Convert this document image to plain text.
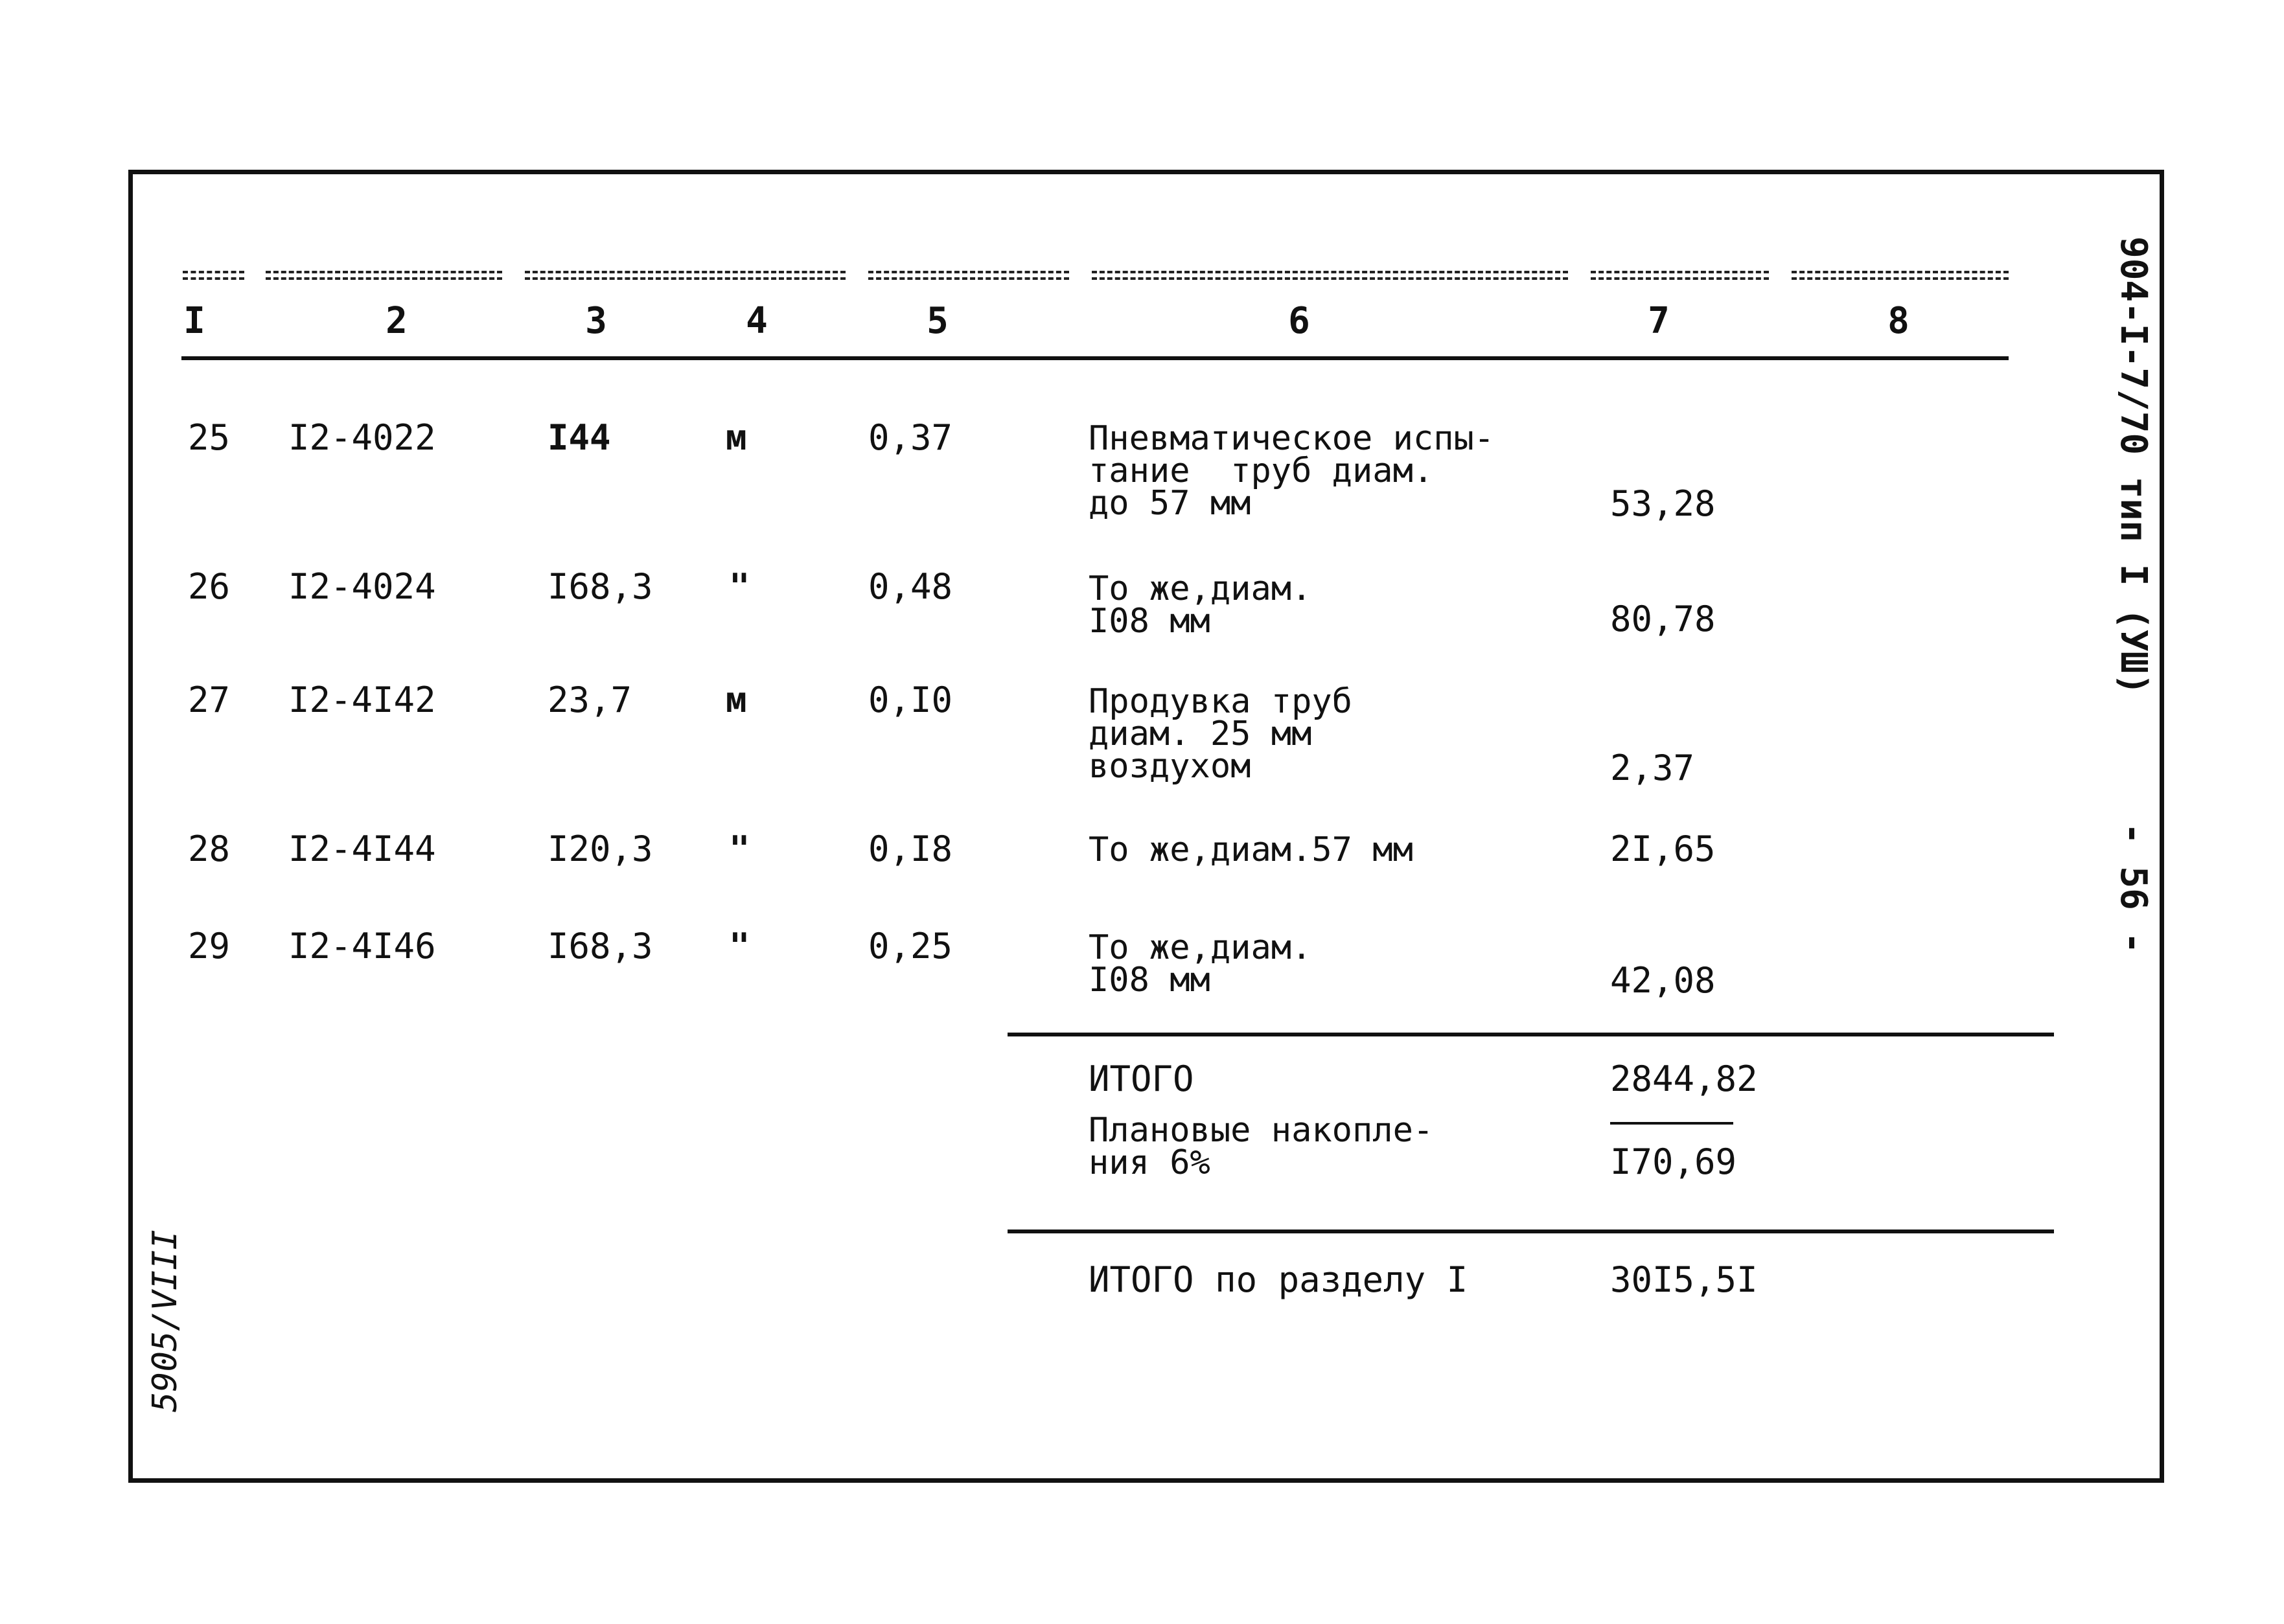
I	2	3	4	5	6	7	8
25 I2-4022	I44	м	0,37	Пневматическое испы-
тание  труб диам.
до 57 мм	53,28
26 I2-4024	I68,3 "	0,48	То же,диам.
I08 мм	80,78
27 I2-4I42	23,7	м	0,I0	Продувка труб
диам. 25 мм
воздухом	2,37
28 I2-4I44	I20,3 "	0,I8	То же,диам.57 мм	2I,65
29 I2-4I46	I68,3 "	0,25	То же,диам.
I08 мм	42,08
ИТОГО	2844,82
Плановые накопле-
ния 6%	I70,69
ИТОГО по разделу I	30I5,5I
904-I-7/70 тип I (УШ)
- 56 -
5905/VIII
